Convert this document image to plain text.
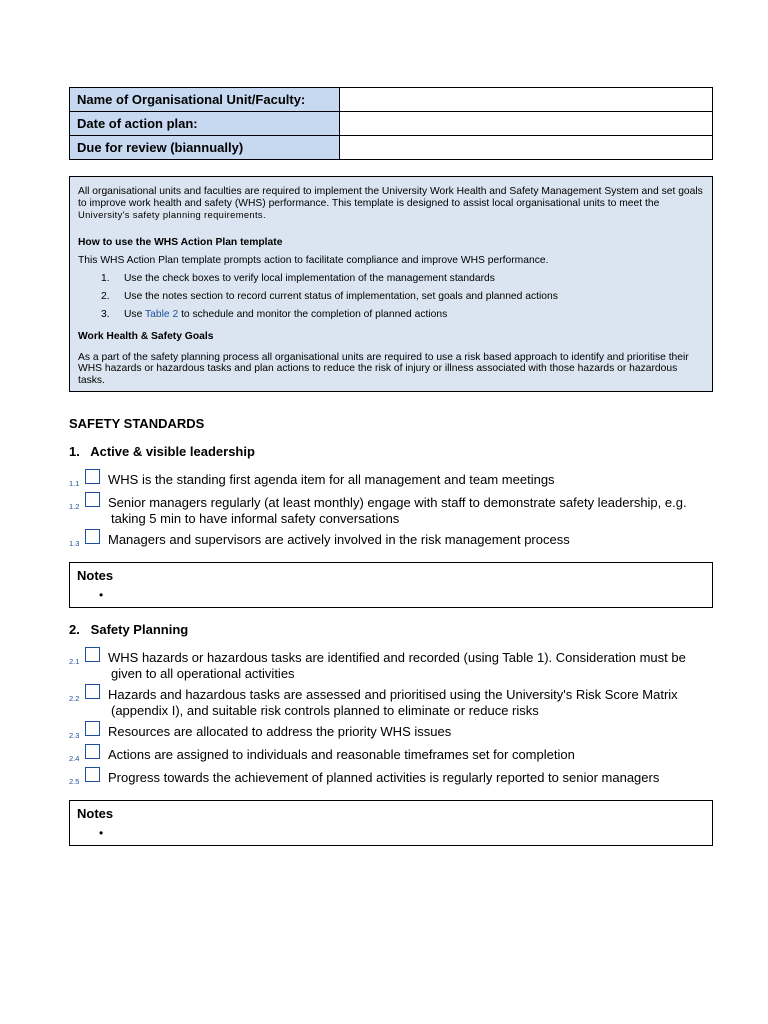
Name of Organisational Unit/Faculty:	
Date of action plan:	
Due for review (biannually)	

All organisational units and faculties are required to implement the University Work Health and Safety Management System and set goals to improve work health and safety (WHS) performance. This template is designed to assist local organisational units to meet the University's safety planning requirements.

How to use the WHS Action Plan template

This WHS Action Plan template prompts action to facilitate compliance and improve WHS performance.

1. Use the check boxes to verify local implementation of the management standards
2. Use the notes section to record current status of implementation, set goals and planned actions
3. Use Table 2 to schedule and monitor the completion of planned actions
Work Health & Safety Goals

As a part of the safety planning process all organisational units are required to use a risk based approach to identify and prioritise their WHS hazards or hazardous tasks and plan actions to reduce the risk of injury or illness associated with those hazards or hazardous tasks.

SAFETY STANDARDS
1.   Active & visible leadership
1.1	WHS is the standing first agenda item for all management and team meetings
1.2	Senior managers regularly (at least monthly) engage with staff to demonstrate safety leadership, e.g.
taking 5 min to have informal safety conversations
1.3	Managers and supervisors are actively involved in the risk management process
Notes
•
2.   Safety Planning
2.1	WHS hazards or hazardous tasks are identified and recorded (using Table 1). Consideration must be
given to all operational activities
2.2	Hazards and hazardous tasks are assessed and prioritised using the University's Risk Score Matrix
(appendix I), and suitable risk controls planned to eliminate or reduce risks
2.3	Resources are allocated to address the priority WHS issues
2.4	Actions are assigned to individuals and reasonable timeframes set for completion
2.5	Progress towards the achievement of planned activities is regularly reported to senior managers
Notes
•
